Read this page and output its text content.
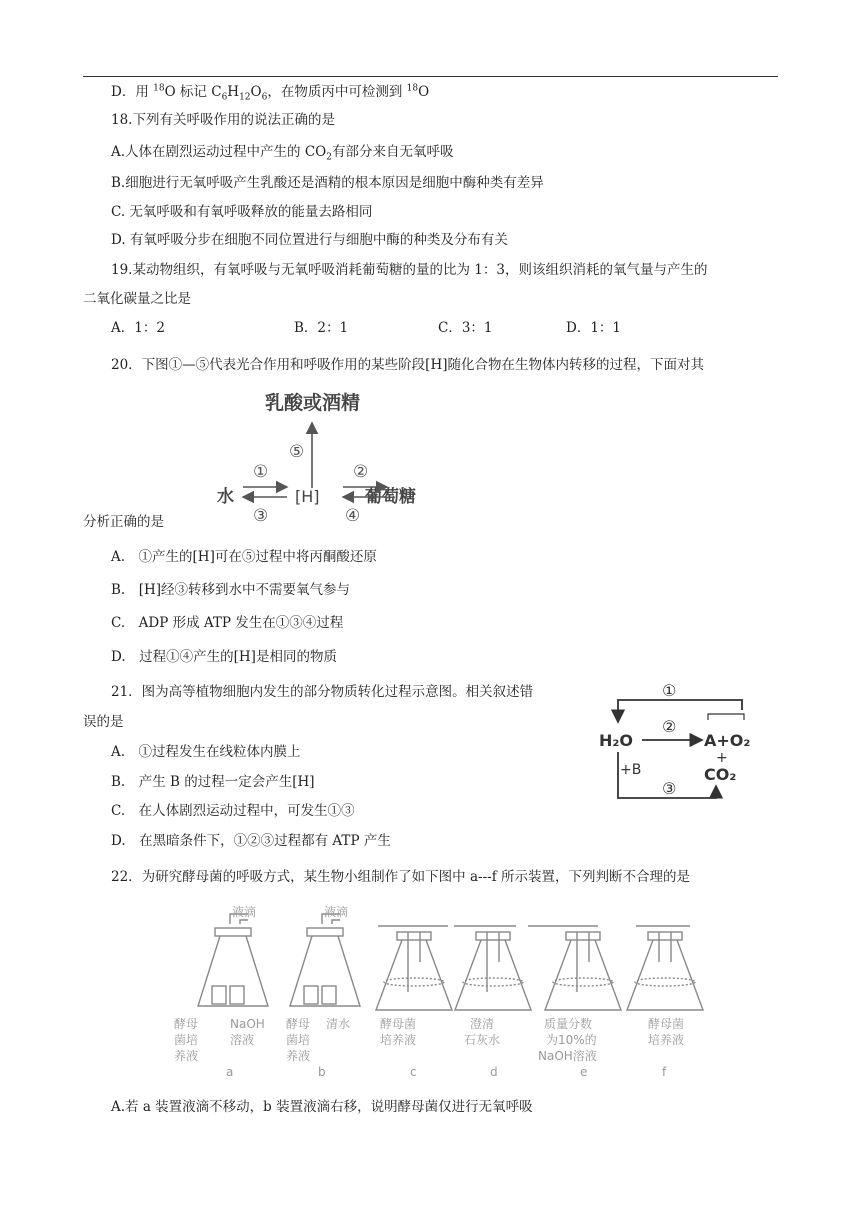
D．用 $^{18}$O 标记 $C_6H_{12}O_6$，在物质丙中可检测到 $^{18}$O
18.下列有关呼吸作用的说法正确的是
A.人体在剧烈运动过程中产生的 $CO_2$有部分来自无氧呼吸
B.细胞进行无氧呼吸产生乳酸还是酒精的根本原因是细胞中酶种类有差异
C. 无氧呼吸和有氧呼吸释放的能量去路相同
D. 有氧呼吸分步在细胞不同位置进行与细胞中酶的种类及分布有关
19.某动物组织，有氧呼吸与无氧呼吸消耗葡萄糖的量的比为 1：3，则该组织消耗的氧气量与产生的
二氧化碳量之比是
A．1：2	B．2：1	C．3：1	D．1：1
20．下图①—⑤代表光合作用和呼吸作用的某些阶段[H]随化合物在生物体内转移的过程，下面对其
乳酸或酒精
⑤
水	[H]	葡萄糖
①
③
②
④
分析正确的是
A.　①产生的[H]可在⑤过程中将丙酮酸还原
B.　[H]经③转移到水中不需要氧气参与
C.　ADP 形成 ATP 发生在①③④过程
D.　过程①④产生的[H]是相同的物质
21．图为高等植物细胞内发生的部分物质转化过程示意图。相关叙述错
误的是
①
②
H₂O	A+O₂
+
CO₂
+B
③
A.　①过程发生在线粒体内膜上
B.　产生 B 的过程一定会产生[H]
C.　在人体剧烈运动过程中，可发生①③
D.　在黑暗条件下，①②③过程都有 ATP 产生
22．为研究酵母菌的呼吸方式，某生物小组制作了如下图中 a---f 所示装置，下列判断不合理的是
液滴	液滴
酵母
菌培
养液
NaOH
溶液
a
酵母
菌培
养液
清水
b
酵母菌
培养液
c
澄清
石灰水
d
质量分数
为10%的
NaOH溶液
e
酵母菌
培养液
f
A.若 a 装置液滴不移动，b 装置液滴右移，说明酵母菌仅进行无氧呼吸
